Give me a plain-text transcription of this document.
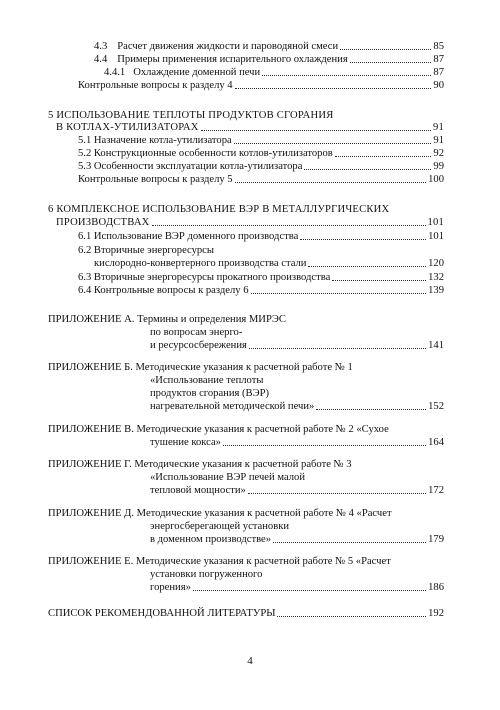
4.3 Расчет движения жидкости и пароводяной смеси	85
4.4 Примеры применения испарительного охлаждения	87
4.4.1 Охлаждение доменной печи	87
Контрольные вопросы к разделу 4	90
5 ИСПОЛЬЗОВАНИЕ ТЕПЛОТЫ ПРОДУКТОВ СГОРАНИЯ
В КОТЛАХ-УТИЛИЗАТОРАХ	91
5.1 Назначение котла-утилизатора	91
5.2 Конструкционные особенности котлов-утилизаторов	92
5.3 Особенности эксплуатации котла-утилизатора	99
Контрольные вопросы к разделу 5	100
6 КОМПЛЕКСНОЕ ИСПОЛЬЗОВАНИЕ ВЭР В МЕТАЛЛУРГИЧЕСКИХ
ПРОИЗВОДСТВАХ	101
6.1 Использование ВЭР доменного производства	101
6.2 Вторичные энергоресурсы
кислородно-конвертерного производства стали	120
6.3 Вторичные энергоресурсы прокатного производства	132
6.4 Контрольные вопросы к разделу 6	139
ПРИЛОЖЕНИЕ А. Термины и определения МИРЭС
по вопросам энерго-
и ресурсосбережения	141
ПРИЛОЖЕНИЕ Б. Методические указания к расчетной работе № 1
«Использование теплоты
продуктов сгорания (ВЭР)
нагревательной методической печи»	152
ПРИЛОЖЕНИЕ В. Методические указания к расчетной работе № 2 «Сухое
тушение кокса»	164
ПРИЛОЖЕНИЕ Г. Методические указания к расчетной работе № 3
«Использование ВЭР печей малой
тепловой мощности»	172
ПРИЛОЖЕНИЕ Д. Методические указания к расчетной работе № 4 «Расчет
энергосберегающей установки
в доменном производстве»	179
ПРИЛОЖЕНИЕ Е. Методические указания к расчетной работе № 5 «Расчет
установки погруженного
горения»	186
СПИСОК РЕКОМЕНДОВАННОЙ ЛИТЕРАТУРЫ	192
4
